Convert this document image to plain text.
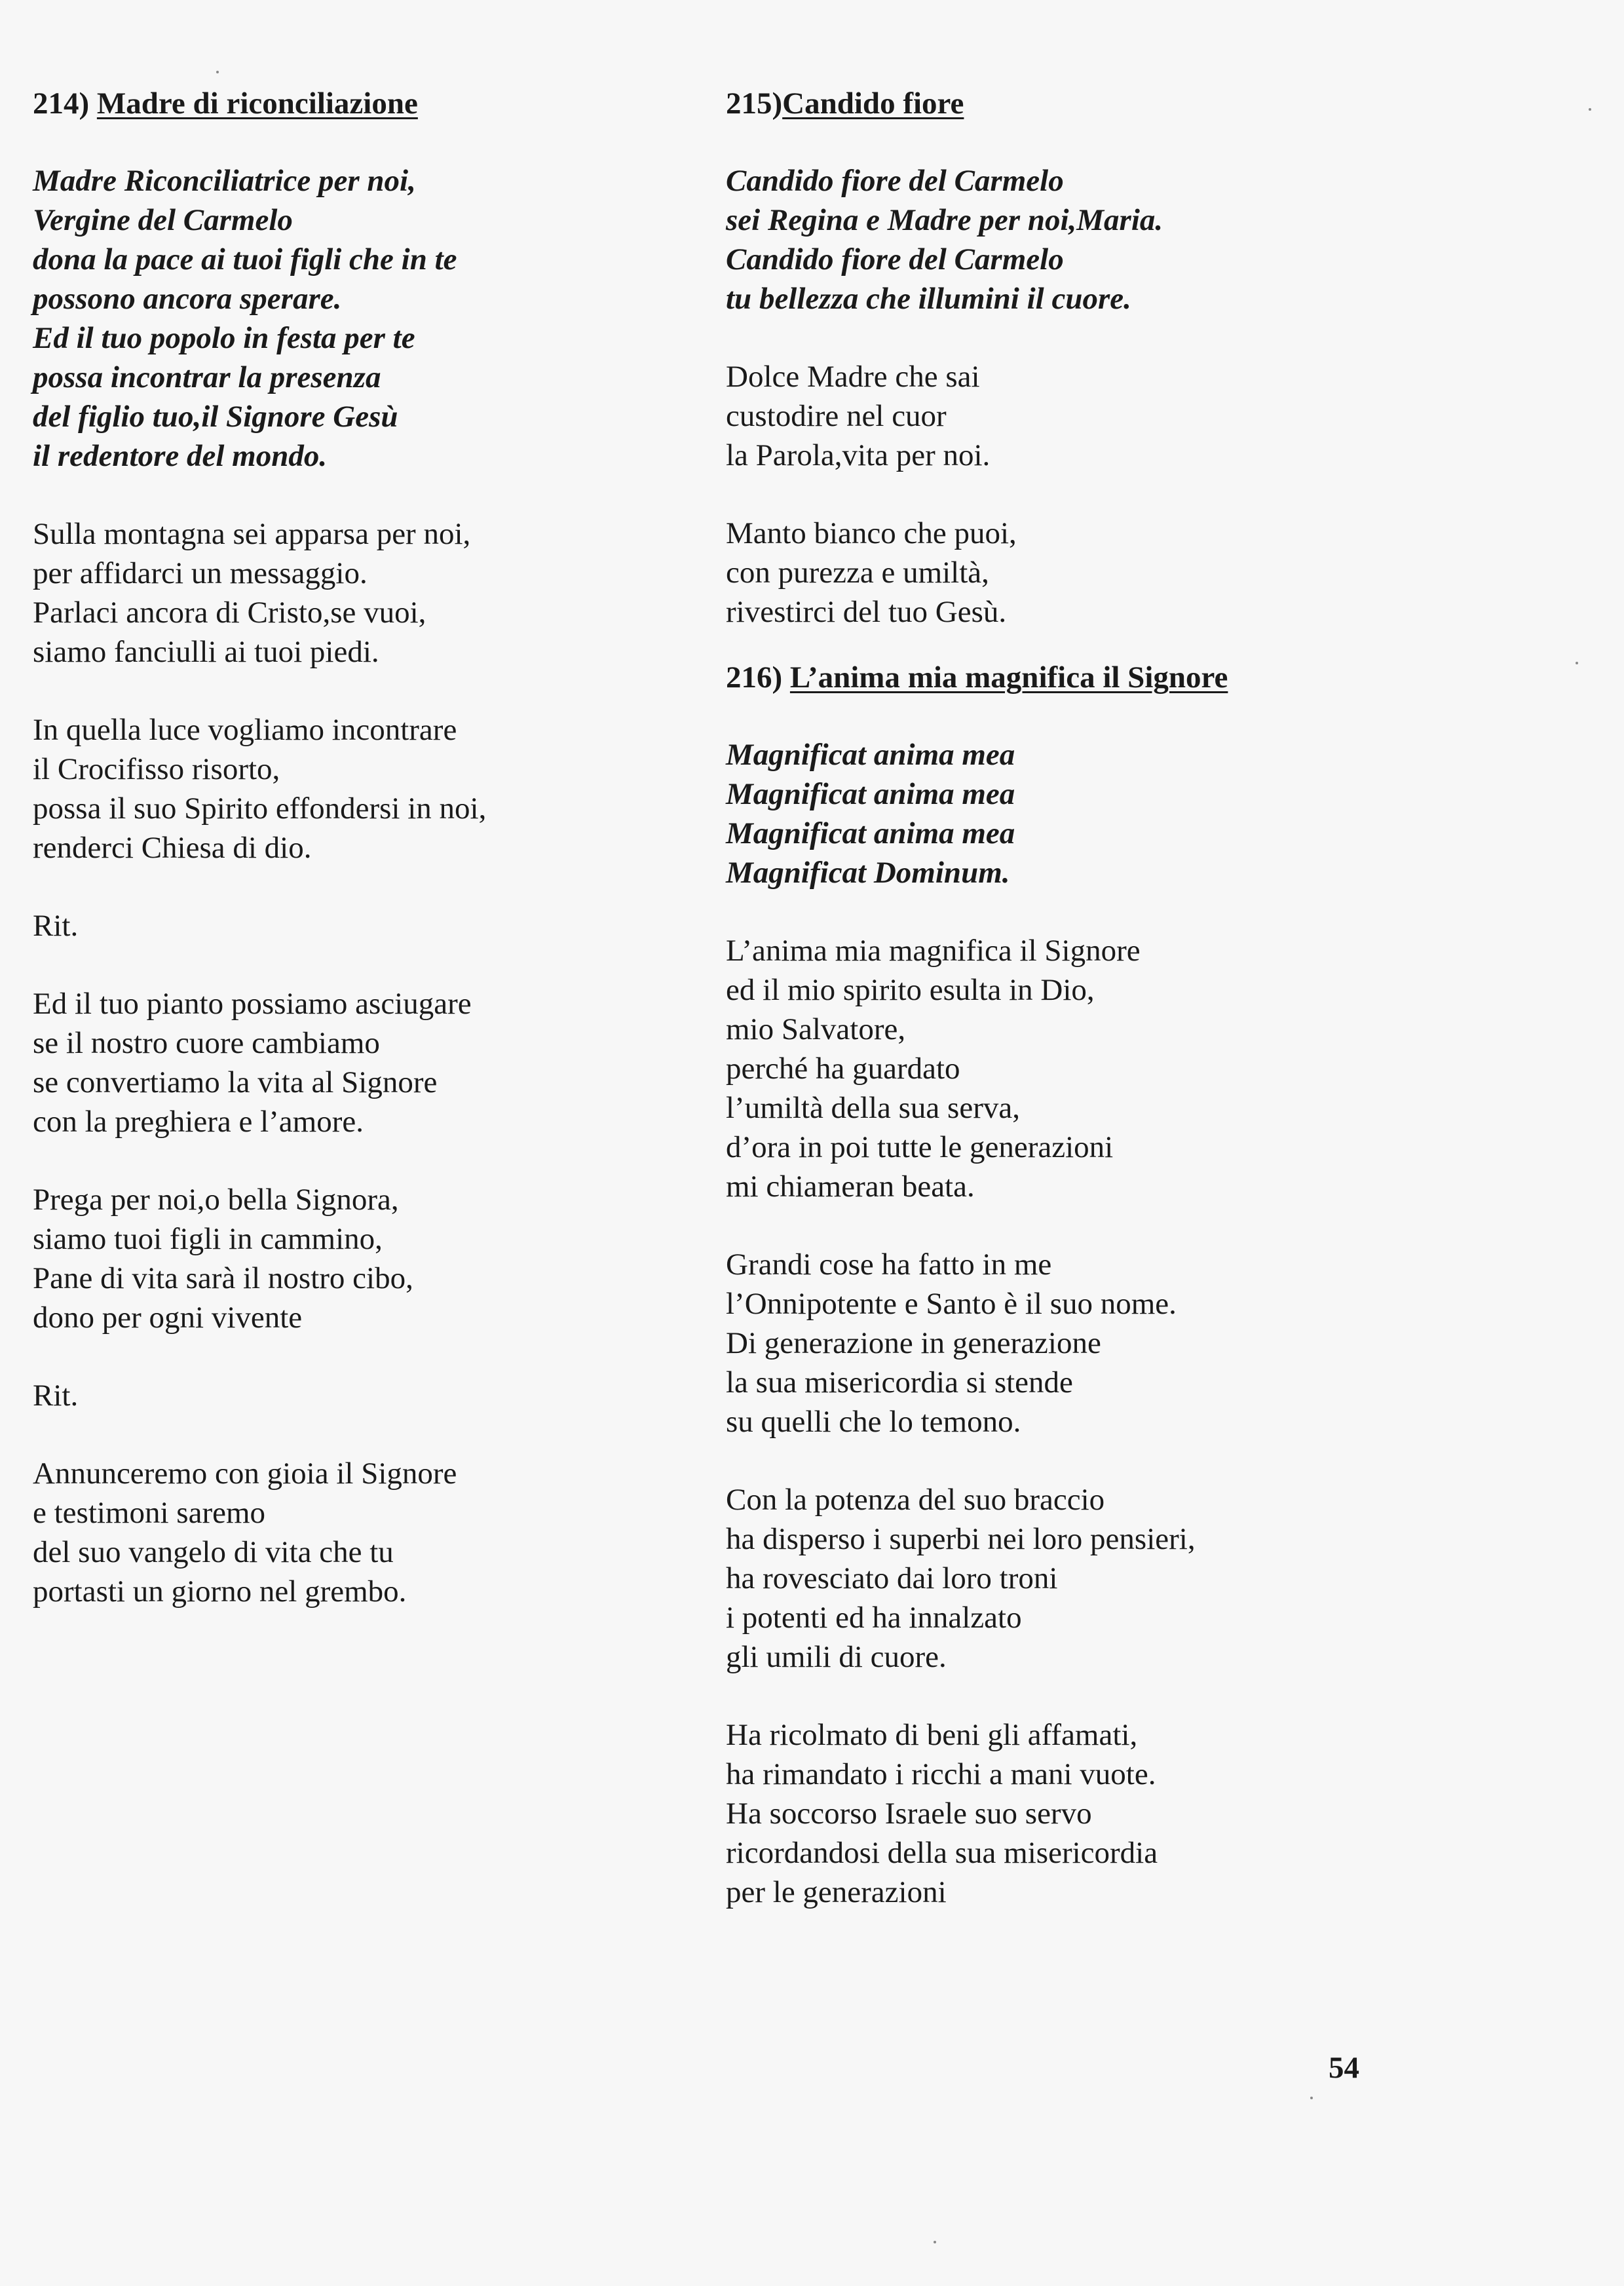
214) Madre di riconciliazione
Madre Riconciliatrice per noi,
Vergine del Carmelo
dona la pace ai tuoi figli che in te
possono ancora sperare.
Ed il tuo popolo in festa per te
possa incontrar la presenza
del figlio tuo,il Signore Gesù
il redentore del mondo.
Sulla montagna sei apparsa per noi,
per affidarci un messaggio.
Parlaci ancora di Cristo,se vuoi,
siamo fanciulli ai tuoi piedi.
In quella luce vogliamo incontrare
il Crocifisso risorto,
possa il suo Spirito effondersi in noi,
renderci Chiesa di dio.
Rit.
Ed il tuo pianto possiamo asciugare
se il nostro cuore cambiamo
se convertiamo la vita al Signore
con la preghiera e l’amore.
Prega per noi,o bella Signora,
siamo tuoi figli in cammino,
Pane di vita sarà il nostro cibo,
dono per ogni vivente
Rit.
Annunceremo con gioia il Signore
e testimoni saremo
del suo vangelo di vita che tu
portasti un giorno nel grembo.
215)Candido fiore
Candido fiore del Carmelo
sei Regina e Madre per noi,Maria.
Candido fiore del Carmelo
tu bellezza che illumini il cuore.
Dolce Madre che sai
custodire nel cuor
la Parola,vita per noi.
Manto bianco che puoi,
con purezza e umiltà,
rivestirci del tuo Gesù.
216) L’anima mia magnifica il Signore
Magnificat anima mea
Magnificat anima mea
Magnificat anima mea
Magnificat Dominum.
L’anima mia magnifica il Signore
ed il mio spirito esulta in Dio,
mio Salvatore,
perché ha guardato
l’umiltà della sua serva,
d’ora in poi tutte le generazioni
mi chiameran beata.
Grandi cose ha fatto in me
l’Onnipotente e Santo è il suo nome.
Di generazione in generazione
la sua misericordia si stende
su quelli che lo temono.
Con la potenza del suo braccio
ha disperso i superbi nei loro pensieri,
ha rovesciato dai loro troni
i potenti ed ha innalzato
gli umili di cuore.
Ha ricolmato di beni gli affamati,
ha rimandato i ricchi a mani vuote.
Ha soccorso Israele suo servo
ricordandosi della sua misericordia
per le generazioni
54
